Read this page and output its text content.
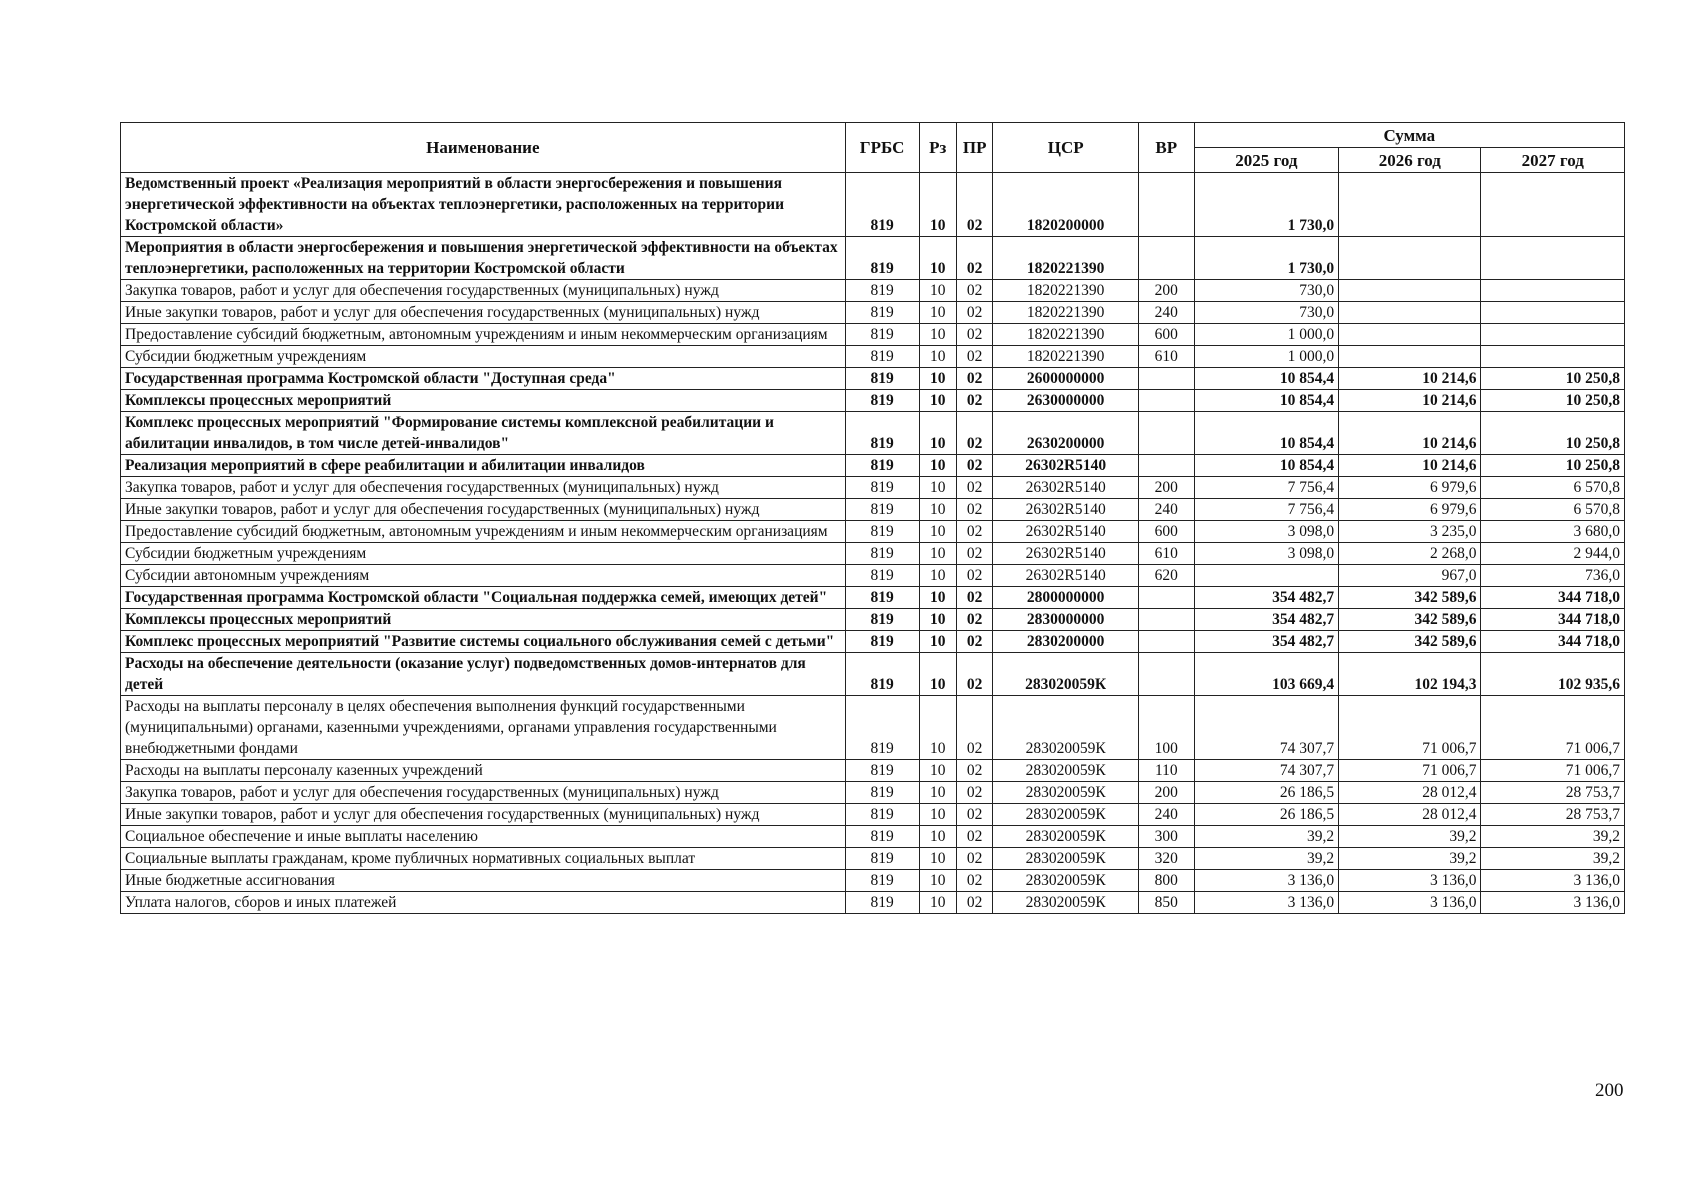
Наименование	ГРБС	Рз	ПР	ЦСР	ВР	Сумма		
						2025 год	2026 год	2027 год
Ведомственный проект «Реализация мероприятий в области энергосбережения и повышения энергетической эффективности на объектах теплоэнергетики, расположенных на территории Костромской области»	819	10	02	1820200000		1 730,0		
Мероприятия в области энергосбережения и повышения энергетической эффективности на объектах теплоэнергетики, расположенных на территории Костромской области	819	10	02	1820221390		1 730,0		
Закупка товаров, работ и услуг для обеспечения государственных (муниципальных) нужд	819	10	02	1820221390	200	730,0		
Иные закупки товаров, работ и услуг для обеспечения государственных (муниципальных) нужд	819	10	02	1820221390	240	730,0		
Предоставление субсидий бюджетным, автономным учреждениям и иным некоммерческим организациям	819	10	02	1820221390	600	1 000,0		
Субсидии бюджетным учреждениям	819	10	02	1820221390	610	1 000,0		
Государственная программа Костромской области "Доступная среда"	819	10	02	2600000000		10 854,4	10 214,6	10 250,8
Комплексы процессных мероприятий	819	10	02	2630000000		10 854,4	10 214,6	10 250,8
Комплекс процессных мероприятий "Формирование системы комплексной реабилитации и абилитации инвалидов, в том числе детей-инвалидов"	819	10	02	2630200000		10 854,4	10 214,6	10 250,8
Реализация мероприятий в сфере реабилитации и абилитации инвалидов	819	10	02	26302R5140		10 854,4	10 214,6	10 250,8
Закупка товаров, работ и услуг для обеспечения государственных (муниципальных) нужд	819	10	02	26302R5140	200	7 756,4	6 979,6	6 570,8
Иные закупки товаров, работ и услуг для обеспечения государственных (муниципальных) нужд	819	10	02	26302R5140	240	7 756,4	6 979,6	6 570,8
Предоставление субсидий бюджетным, автономным учреждениям и иным некоммерческим организациям	819	10	02	26302R5140	600	3 098,0	3 235,0	3 680,0
Субсидии бюджетным учреждениям	819	10	02	26302R5140	610	3 098,0	2 268,0	2 944,0
Субсидии автономным учреждениям	819	10	02	26302R5140	620		967,0	736,0
Государственная программа Костромской области "Социальная поддержка семей, имеющих детей"	819	10	02	2800000000		354 482,7	342 589,6	344 718,0
Комплексы процессных мероприятий	819	10	02	2830000000		354 482,7	342 589,6	344 718,0
Комплекс процессных мероприятий "Развитие системы социального обслуживания семей с детьми"	819	10	02	2830200000		354 482,7	342 589,6	344 718,0
Расходы на обеспечение деятельности (оказание услуг) подведомственных домов-интернатов для детей	819	10	02	283020059К		103 669,4	102 194,3	102 935,6
Расходы на выплаты персоналу в целях обеспечения выполнения функций государственными (муниципальными) органами, казенными учреждениями, органами управления государственными внебюджетными фондами	819	10	02	283020059К	100	74 307,7	71 006,7	71 006,7
Расходы на выплаты персоналу казенных учреждений	819	10	02	283020059К	110	74 307,7	71 006,7	71 006,7
Закупка товаров, работ и услуг для обеспечения государственных (муниципальных) нужд	819	10	02	283020059К	200	26 186,5	28 012,4	28 753,7
Иные закупки товаров, работ и услуг для обеспечения государственных (муниципальных) нужд	819	10	02	283020059К	240	26 186,5	28 012,4	28 753,7
Социальное обеспечение и иные выплаты населению	819	10	02	283020059К	300	39,2	39,2	39,2
Социальные выплаты гражданам, кроме публичных нормативных социальных выплат	819	10	02	283020059К	320	39,2	39,2	39,2
Иные бюджетные ассигнования	819	10	02	283020059К	800	3 136,0	3 136,0	3 136,0
Уплата налогов, сборов и иных платежей	819	10	02	283020059К	850	3 136,0	3 136,0	3 136,0
200
